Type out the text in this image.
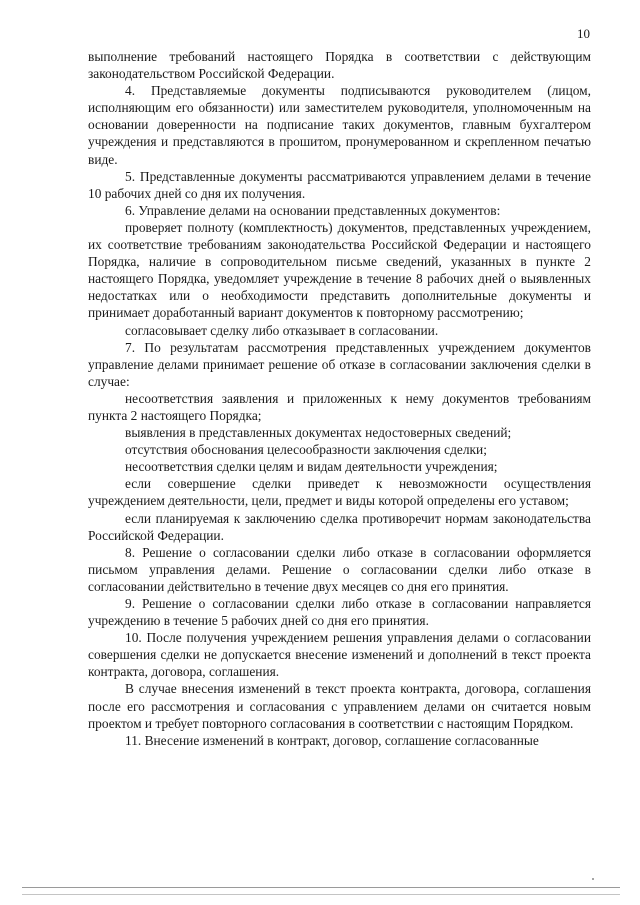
10

выполнение требований настоящего Порядка в соответствии с действующим законодательством Российской Федерации.

4. Представляемые документы подписываются руководителем (лицом, исполняющим его обязанности) или заместителем руководителя, уполномоченным на основании доверенности на подписание таких документов, главным бухгалтером учреждения и представляются в прошитом, пронумерованном и скрепленном печатью виде.

5. Представленные документы рассматриваются управлением делами в течение 10 рабочих дней со дня их получения.

6. Управление делами на основании представленных документов:

проверяет полноту (комплектность) документов, представленных учреждением, их соответствие требованиям законодательства Российской Федерации и настоящего Порядка, наличие в сопроводительном письме сведений, указанных в пункте 2 настоящего Порядка, уведомляет учреждение в течение 8 рабочих дней о выявленных недостатках или о необходимости представить дополнительные документы и принимает доработанный вариант документов к повторному рассмотрению;

согласовывает сделку либо отказывает в согласовании.

7. По результатам рассмотрения представленных учреждением документов управление делами принимает решение об отказе в согласовании заключения сделки в случае:

несоответствия заявления и приложенных к нему документов требованиям пункта 2 настоящего Порядка;

выявления в представленных документах недостоверных сведений;

отсутствия обоснования целесообразности заключения сделки;

несоответствия сделки целям и видам деятельности учреждения;

если совершение сделки приведет к невозможности осуществления учреждением деятельности, цели, предмет и виды которой определены его уставом;

если планируемая к заключению сделка противоречит нормам законодательства Российской Федерации.

8. Решение о согласовании сделки либо отказе в согласовании оформляется письмом управления делами. Решение о согласовании сделки либо отказе в согласовании действительно в течение двух месяцев со дня его принятия.

9. Решение о согласовании сделки либо отказе в согласовании направляется учреждению в течение 5 рабочих дней со дня его принятия.

10. После получения учреждением решения управления делами о согласовании совершения сделки не допускается внесение изменений и дополнений в текст проекта контракта, договора, соглашения.

В случае внесения изменений в текст проекта контракта, договора, соглашения после его рассмотрения и согласования с управлением делами он считается новым проектом и требует повторного согласования в соответствии с настоящим Порядком.

11. Внесение изменений в контракт, договор, соглашение согласованные
